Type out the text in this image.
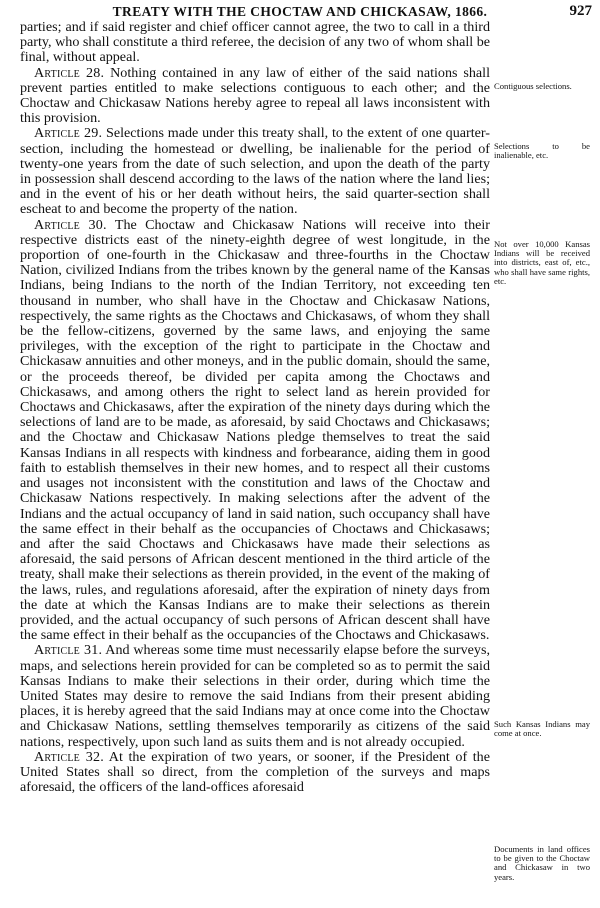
TREATY WITH THE CHOCTAW AND CHICKASAW, 1866.	927

parties; and if said register and chief officer cannot agree, the two to call in a third party, who shall constitute a third referee, the decision of any two of whom shall be final, without appeal.

Article 28. Nothing contained in any law of either of the said nations shall prevent parties entitled to make selections contiguous to each other; and the Choctaw and Chickasaw Nations hereby agree to repeal all laws inconsistent with this provision.

Article 29. Selections made under this treaty shall, to the extent of one quarter-section, including the homestead or dwelling, be inalienable for the period of twenty-one years from the date of such selection, and upon the death of the party in possession shall descend according to the laws of the nation where the land lies; and in the event of his or her death without heirs, the said quarter-section shall escheat to and become the property of the nation.

Article 30. The Choctaw and Chickasaw Nations will receive into their respective districts east of the ninety-eighth degree of west longitude, in the proportion of one-fourth in the Chickasaw and three-fourths in the Choctaw Nation, civilized Indians from the tribes known by the general name of the Kansas Indians, being Indians to the north of the Indian Territory, not exceeding ten thousand in number, who shall have in the Choctaw and Chickasaw Nations, respectively, the same rights as the Choctaws and Chickasaws, of whom they shall be the fellow-citizens, governed by the same laws, and enjoying the same privileges, with the exception of the right to participate in the Choctaw and Chickasaw annuities and other moneys, and in the public domain, should the same, or the proceeds thereof, be divided per capita among the Choctaws and Chickasaws, and among others the right to select land as herein provided for Choctaws and Chickasaws, after the expiration of the ninety days during which the selections of land are to be made, as aforesaid, by said Choctaws and Chickasaws; and the Choctaw and Chickasaw Nations pledge themselves to treat the said Kansas Indians in all respects with kindness and forbearance, aiding them in good faith to establish themselves in their new homes, and to respect all their customs and usages not inconsistent with the constitution and laws of the Choctaw and Chickasaw Nations respectively. In making selections after the advent of the Indians and the actual occupancy of land in said nation, such occupancy shall have the same effect in their behalf as the occupancies of Choctaws and Chickasaws; and after the said Choctaws and Chickasaws have made their selections as aforesaid, the said persons of African descent mentioned in the third article of the treaty, shall make their selections as therein provided, in the event of the making of the laws, rules, and regulations aforesaid, after the expiration of ninety days from the date at which the Kansas Indians are to make their selections as therein provided, and the actual occupancy of such persons of African descent shall have the same effect in their behalf as the occupancies of the Choctaws and Chickasaws.

Article 31. And whereas some time must necessarily elapse before the surveys, maps, and selections herein provided for can be completed so as to permit the said Kansas Indians to make their selections in their order, during which time the United States may desire to remove the said Indians from their present abiding places, it is hereby agreed that the said Indians may at once come into the Choctaw and Chickasaw Nations, settling themselves temporarily as citizens of the said nations, respectively, upon such land as suits them and is not already occupied.

Article 32. At the expiration of two years, or sooner, if the President of the United States shall so direct, from the completion of the surveys and maps aforesaid, the officers of the land-offices aforesaid

Contiguous selections.
Selections to be inalienable, etc.
Not over 10,000 Kansas Indians will be received into districts, east of, etc., who shall have same rights, etc.
Such Kansas Indians may come at once.
Documents in land offices to be given to the Choctaw and Chickasaw in two years.
